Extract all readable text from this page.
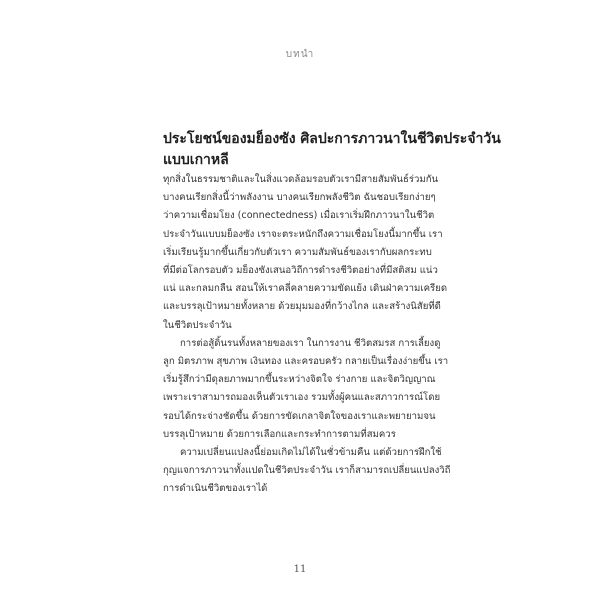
บทนำ
ประโยชน์ของมย็องซัง ศิลปะการภาวนาในชีวิตประจำวัน
แบบเกาหลี

ทุกสิ่งในธรรมชาติและในสิ่งแวดล้อมรอบตัวเรามีสายสัมพันธ์ร่วมกัน
บางคนเรียกสิ่งนี้ว่าพลังงาน บางคนเรียกพลังชีวิต ฉันชอบเรียกง่ายๆ
ว่าความเชื่อมโยง (connectedness) เมื่อเราเริ่มฝึกภาวนาในชีวิต
ประจำวันแบบมย็องซัง เราจะตระหนักถึงความเชื่อมโยงนี้มากขึ้น เรา
เริ่มเรียนรู้มากขึ้นเกี่ยวกับตัวเรา ความสัมพันธ์ของเรากับผลกระทบ
ที่มีต่อโลกรอบตัว มย็องซังเสนอวิถีการดำรงชีวิตอย่างที่มีสติสม แน่ว
แน่ และกลมกลืน สอนให้เราคลี่คลายความขัดแย้ง เดินฝ่าความเครียด
และบรรลุเป้าหมายทั้งหลาย ด้วยมุมมองที่กว้างไกล และสร้างนิสัยที่ดี
ในชีวิตประจำวัน

การต่อสู้ดิ้นรนทั้งหลายของเรา ในการงาน ชีวิตสมรส การเลี้ยงดู
ลูก มิตรภาพ สุขภาพ เงินทอง และครอบครัว กลายเป็นเรื่องง่ายขึ้น เรา
เริ่มรู้สึกว่ามีดุลยภาพมากขึ้นระหว่างจิตใจ ร่างกาย และจิตวิญญาณ
เพราะเราสามารถมองเห็นตัวเราเอง รวมทั้งผู้คนและสภาวการณ์โดย
รอบได้กระจ่างชัดขึ้น ด้วยการขัดเกลาจิตใจของเราและพยายามจน
บรรลุเป้าหมาย ด้วยการเลือกและกระทำการตามที่สมควร

ความเปลี่ยนแปลงนี้ย่อมเกิดไม่ได้ในชั่วข้ามคืน แต่ด้วยการฝึกใช้
กุญแจการภาวนาทั้งแปดในชีวิตประจำวัน เราก็สามารถเปลี่ยนแปลงวิถี
การดำเนินชีวิตของเราได้

11
